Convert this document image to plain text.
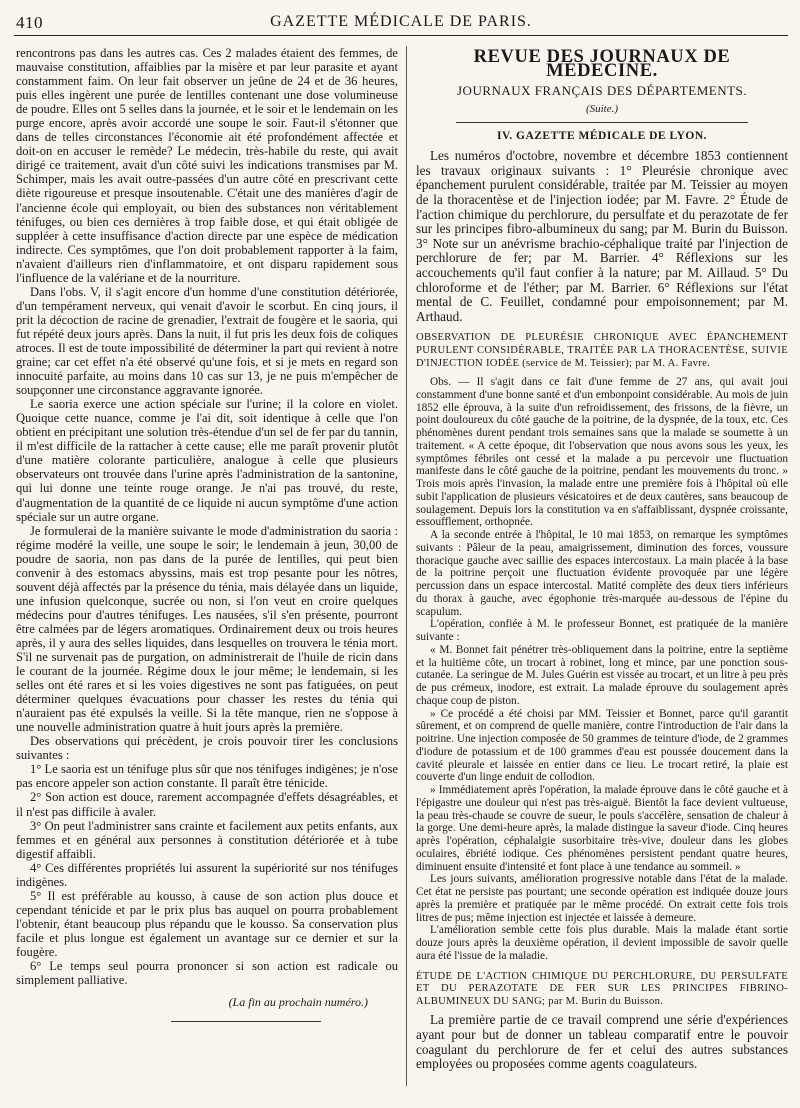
410	GAZETTE MÉDICALE DE PARIS.

rencontrons pas dans les autres cas. Ces 2 malades étaient des femmes, de mauvaise constitution, affaiblies par la misère et par leur parasite et ayant constamment faim. On leur fait observer un jeûne de 24 et de 36 heures, puis elles ingèrent une purée de lentilles contenant une dose volumineuse de poudre. Elles ont 5 selles dans la journée, et le soir et le lendemain on les purge encore, après avoir accordé une soupe le soir. Faut-il s'étonner que dans de telles circonstances l'économie ait été profondément affectée et doit-on en accuser le remède? Le médecin, très-habile du reste, qui avait dirigé ce traitement, avait d'un côté suivi les indications transmises par M. Schimper, mais les avait outre-passées d'un autre côté en prescrivant cette diète rigoureuse et presque insoutenable. C'était une des manières d'agir de l'ancienne école qui employait, ou bien des substances non véritablement ténifuges, ou bien ces dernières à trop faible dose, et qui était obligée de suppléer à cette insuffisance d'action directe par une espèce de médication indirecte. Ces symptômes, que l'on doit probablement rapporter à la faim, n'avaient d'ailleurs rien d'inflammatoire, et ont disparu rapidement sous l'influence de la valériane et de la nourriture.

Dans l'obs. V, il s'agit encore d'un homme d'une constitution détériorée, d'un tempérament nerveux, qui venait d'avoir le scorbut. En cinq jours, il prit la décoction de racine de grenadier, l'extrait de fougère et le saoria, qui fut répété deux jours après. Dans la nuit, il fut pris les deux fois de coliques atroces. Il est de toute impossibilité de déterminer la part qui revient à notre graine; car cet effet n'a été observé qu'une fois, et si je mets en regard son innocuité parfaite, au moins dans 10 cas sur 13, je ne puis m'empêcher de soupçonner une circonstance aggravante ignorée.

Le saoria exerce une action spéciale sur l'urine; il la colore en violet. Quoique cette nuance, comme je l'ai dit, soit identique à celle que l'on obtient en précipitant une solution très-étendue d'un sel de fer par du tannin, il m'est difficile de la rattacher à cette cause; elle me paraît provenir plutôt d'une matière colorante particulière, analogue à celle que plusieurs observateurs ont trouvée dans l'urine après l'administration de la santonine, qui lui donne une teinte rouge orange. Je n'ai pas trouvé, du reste, d'augmentation de la quantité de ce liquide ni aucun symptôme d'une action spéciale sur un autre organe.

Je formulerai de la manière suivante le mode d'administration du saoria : régime modéré la veille, une soupe le soir; le lendemain à jeun, 30,00 de poudre de saoria, non pas dans de la purée de lentilles, qui peut bien convenir à des estomacs abyssins, mais est trop pesante pour les nôtres, souvent déjà affectés par la présence du ténia, mais délayée dans un liquide, une infusion quelconque, sucrée ou non, si l'on veut en croire quelques médecins pour d'autres ténifuges. Les nausées, s'il s'en présente, pourront être calmées par de légers aromatiques. Ordinairement deux ou trois heures après, il y aura des selles liquides, dans lesquelles on trouvera le ténia mort. S'il ne survenait pas de purgation, on administrerait de l'huile de ricin dans le courant de la journée. Régime doux le jour même; le lendemain, si les selles ont été rares et si les voies digestives ne sont pas fatiguées, on peut déterminer quelques évacuations pour chasser les restes du ténia qui n'auraient pas été expulsés la veille. Si la tête manque, rien ne s'oppose à une nouvelle administration quatre à huit jours après la première.

Des observations qui précèdent, je crois pouvoir tirer les conclusions suivantes :

1° Le saoria est un ténifuge plus sûr que nos ténifuges indigènes; je n'ose pas encore appeler son action constante. Il paraît être ténicide.

2° Son action est douce, rarement accompagnée d'effets désagréables, et il n'est pas difficile à avaler.

3° On peut l'administrer sans crainte et facilement aux petits enfants, aux femmes et en général aux personnes à constitution détériorée et à tube digestif affaibli.

4° Ces différentes propriétés lui assurent la supériorité sur nos ténifuges indigènes.

5° Il est préférable au kousso, à cause de son action plus douce et cependant ténicide et par le prix plus bas auquel on pourra probablement l'obtenir, étant beaucoup plus répandu que le kousso. Sa conservation plus facile et plus longue est également un avantage sur ce dernier et sur la fougère.

6° Le temps seul pourra prononcer si son action est radicale ou simplement palliative.

(La fin au prochain numéro.)
REVUE DES JOURNAUX DE MÉDECINE.
JOURNAUX FRANÇAIS DES DÉPARTEMENTS.
(Suite.)
IV. GAZETTE MÉDICALE DE LYON.

Les numéros d'octobre, novembre et décembre 1853 contiennent les travaux originaux suivants : 1° Pleurésie chronique avec épanchement purulent considérable, traitée par M. Teissier au moyen de la thoracentèse et de l'injection iodée; par M. Favre. 2° Étude de l'action chimique du perchlorure, du persulfate et du perazotate de fer sur les principes fibro-albumineux du sang; par M. Burin du Buisson. 3° Note sur un anévrisme brachio-céphalique traité par l'injection de perchlorure de fer; par M. Barrier. 4° Réflexions sur les accouchements qu'il faut confier à la nature; par M. Aillaud. 5° Du chloroforme et de l'éther; par M. Barrier. 6° Réflexions sur l'état mental de C. Feuillet, condamné pour empoisonnement; par M. Arthaud.

OBSERVATION DE PLEURÉSIE CHRONIQUE AVEC ÉPANCHEMENT PURULENT CONSIDÉRABLE, TRAITÉE PAR LA THORACENTÈSE, SUIVIE D'INJECTION IODÉE (service de M. Teissier); par M. A. Favre.

Obs. — Il s'agit dans ce fait d'une femme de 27 ans, qui avait joui constamment d'une bonne santé et d'un embonpoint considérable. Au mois de juin 1852 elle éprouva, à la suite d'un refroidissement, des frissons, de la fièvre, un point douloureux du côté gauche de la poitrine, de la dyspnée, de la toux, etc. Ces phénomènes durent pendant trois semaines sans que la malade se soumette à un traitement. « A cette époque, dit l'observation que nous avons sous les yeux, les symptômes fébriles ont cessé et la malade a pu percevoir une fluctuation manifeste dans le côté gauche de la poitrine, pendant les mouvements du tronc. » Trois mois après l'invasion, la malade entre une première fois à l'hôpital où elle subit l'application de plusieurs vésicatoires et de deux cautères, sans beaucoup de soulagement. Depuis lors la constitution va en s'affaiblissant, dyspnée croissante, essoufflement, orthopnée.

A la seconde entrée à l'hôpital, le 10 mai 1853, on remarque les symptômes suivants : Pâleur de la peau, amaigrissement, diminution des forces, voussure thoracique gauche avec saillie des espaces intercostaux. La main placée à la base de la poitrine perçoit une fluctuation évidente provoquée par une légère percussion dans un espace intercostal. Matité complète des deux tiers inférieurs du thorax à gauche, avec égophonie très-marquée au-dessous de l'épine du scapulum.

L'opération, confiée à M. le professeur Bonnet, est pratiquée de la manière suivante :

« M. Bonnet fait pénétrer très-obliquement dans la poitrine, entre la septième et la huitième côte, un trocart à robinet, long et mince, par une ponction sous-cutanée. La seringue de M. Jules Guérin est vissée au trocart, et un litre à peu près de pus crémeux, inodore, est extrait. La malade éprouve du soulagement après chaque coup de piston.

» Ce procédé a été choisi par MM. Teissier et Bonnet, parce qu'il garantit sûrement, et on comprend de quelle manière, contre l'introduction de l'air dans la poitrine. Une injection composée de 50 grammes de teinture d'iode, de 2 grammes d'iodure de potassium et de 100 grammes d'eau est poussée doucement dans la cavité pleurale et laissée en entier dans ce lieu. Le trocart retiré, la plaie est couverte d'un linge enduit de collodion.

» Immédiatement après l'opération, la malade éprouve dans le côté gauche et à l'épigastre une douleur qui n'est pas très-aiguë. Bientôt la face devient vultueuse, la peau très-chaude se couvre de sueur, le pouls s'accélère, sensation de chaleur à la gorge. Une demi-heure après, la malade distingue la saveur d'iode. Cinq heures après l'opération, céphalalgie susorbitaire très-vive, douleur dans les globes oculaires, ébriété iodique. Ces phénomènes persistent pendant quatre heures, diminuent ensuite d'intensité et font place à une tendance au sommeil. »

Les jours suivants, amélioration progressive notable dans l'état de la malade. Cet état ne persiste pas pourtant; une seconde opération est indiquée douze jours après la première et pratiquée par le même procédé. On extrait cette fois trois litres de pus; même injection est injectée et laissée à demeure.

L'amélioration semble cette fois plus durable. Mais la malade étant sortie douze jours après la deuxième opération, il devient impossible de savoir quelle aura été l'issue de la maladie.

ÉTUDE DE L'ACTION CHIMIQUE DU PERCHLORURE, DU PERSULFATE ET DU PERAZOTATE DE FER SUR LES PRINCIPES FIBRINO-ALBUMINEUX DU SANG; par M. Burin du Buisson.

La première partie de ce travail comprend une série d'expériences ayant pour but de donner un tableau comparatif entre le pouvoir coagulant du perchlorure de fer et celui des autres substances employées ou proposées comme agents coagulateurs.
